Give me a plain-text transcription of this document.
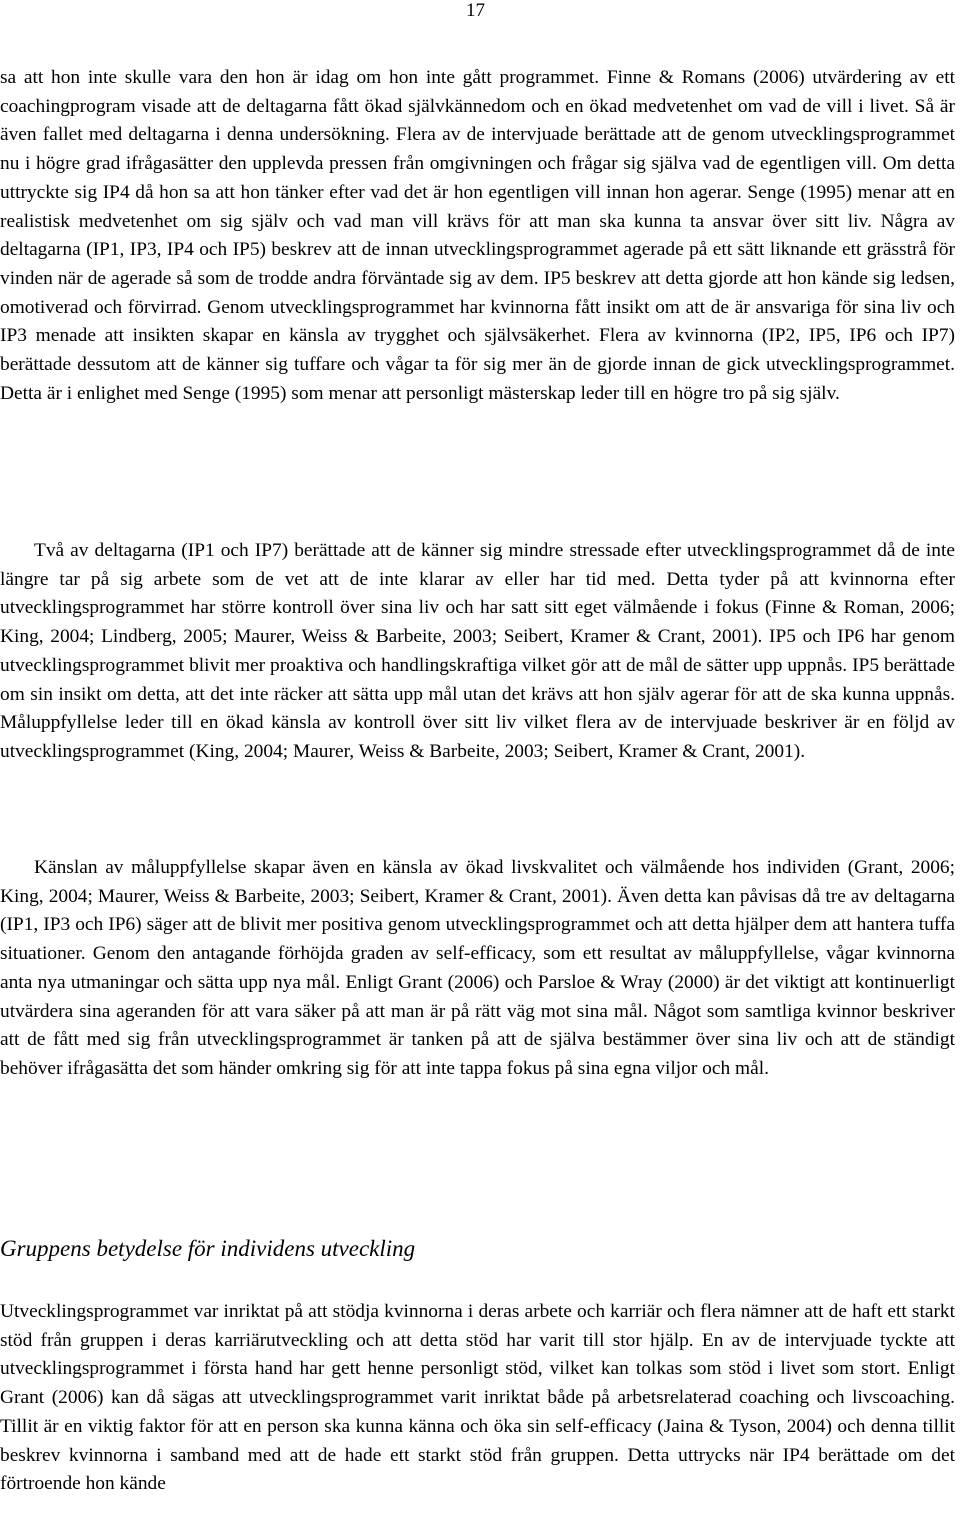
17

sa att hon inte skulle vara den hon är idag om hon inte gått programmet. Finne & Romans (2006) utvärdering av ett coachingprogram visade att de deltagarna fått ökad självkännedom och en ökad medvetenhet om vad de vill i livet. Så är även fallet med deltagarna i denna undersökning. Flera av de intervjuade berättade att de genom utvecklingsprogrammet nu i högre grad ifrågasätter den upplevda pressen från omgivningen och frågar sig själva vad de egentligen vill. Om detta uttryckte sig IP4 då hon sa att hon tänker efter vad det är hon egentligen vill innan hon agerar. Senge (1995) menar att en realistisk medvetenhet om sig själv och vad man vill krävs för att man ska kunna ta ansvar över sitt liv. Några av deltagarna (IP1, IP3, IP4 och IP5) beskrev att de innan utvecklingsprogrammet agerade på ett sätt liknande ett grässtrå för vinden när de agerade så som de trodde andra förväntade sig av dem. IP5 beskrev att detta gjorde att hon kände sig ledsen, omotiverad och förvirrad. Genom utvecklingsprogrammet har kvinnorna fått insikt om att de är ansvariga för sina liv och IP3 menade att insikten skapar en känsla av trygghet och självsäkerhet. Flera av kvinnorna (IP2, IP5, IP6 och IP7) berättade dessutom att de känner sig tuffare och vågar ta för sig mer än de gjorde innan de gick utvecklingsprogrammet. Detta är i enlighet med Senge (1995) som menar att personligt mästerskap leder till en högre tro på sig själv.

Två av deltagarna (IP1 och IP7) berättade att de känner sig mindre stressade efter utvecklingsprogrammet då de inte längre tar på sig arbete som de vet att de inte klarar av eller har tid med. Detta tyder på att kvinnorna efter utvecklingsprogrammet har större kontroll över sina liv och har satt sitt eget välmående i fokus (Finne & Roman, 2006; King, 2004; Lindberg, 2005; Maurer, Weiss & Barbeite, 2003; Seibert, Kramer & Crant, 2001). IP5 och IP6 har genom utvecklingsprogrammet blivit mer proaktiva och handlingskraftiga vilket gör att de mål de sätter upp uppnås. IP5 berättade om sin insikt om detta, att det inte räcker att sätta upp mål utan det krävs att hon själv agerar för att de ska kunna uppnås. Måluppfyllelse leder till en ökad känsla av kontroll över sitt liv vilket flera av de intervjuade beskriver är en följd av utvecklingsprogrammet (King, 2004; Maurer, Weiss & Barbeite, 2003; Seibert, Kramer & Crant, 2001).

Känslan av måluppfyllelse skapar även en känsla av ökad livskvalitet och välmående hos individen (Grant, 2006; King, 2004; Maurer, Weiss & Barbeite, 2003; Seibert, Kramer & Crant, 2001). Även detta kan påvisas då tre av deltagarna (IP1, IP3 och IP6) säger att de blivit mer positiva genom utvecklingsprogrammet och att detta hjälper dem att hantera tuffa situationer. Genom den antagande förhöjda graden av self-efficacy, som ett resultat av måluppfyllelse, vågar kvinnorna anta nya utmaningar och sätta upp nya mål. Enligt Grant (2006) och Parsloe & Wray (2000) är det viktigt att kontinuerligt utvärdera sina ageranden för att vara säker på att man är på rätt väg mot sina mål. Något som samtliga kvinnor beskriver att de fått med sig från utvecklingsprogrammet är tanken på att de själva bestämmer över sina liv och att de ständigt behöver ifrågasätta det som händer omkring sig för att inte tappa fokus på sina egna viljor och mål.

Gruppens betydelse för individens utveckling

Utvecklingsprogrammet var inriktat på att stödja kvinnorna i deras arbete och karriär och flera nämner att de haft ett starkt stöd från gruppen i deras karriärutveckling och att detta stöd har varit till stor hjälp. En av de intervjuade tyckte att utvecklingsprogrammet i första hand har gett henne personligt stöd, vilket kan tolkas som stöd i livet som stort. Enligt Grant (2006) kan då sägas att utvecklingsprogrammet varit inriktat både på arbetsrelaterad coaching och livscoaching. Tillit är en viktig faktor för att en person ska kunna känna och öka sin self-efficacy (Jaina & Tyson, 2004) och denna tillit beskrev kvinnorna i samband med att de hade ett starkt stöd från gruppen. Detta uttrycks när IP4 berättade om det förtroende hon kände
